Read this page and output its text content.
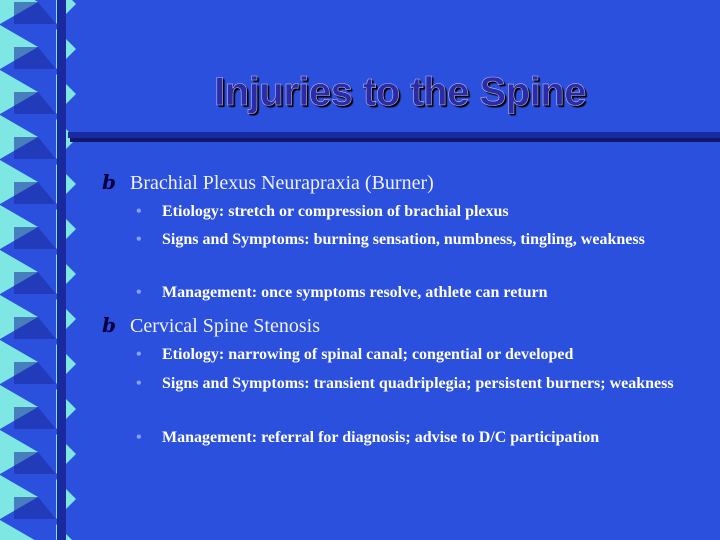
Injuries to the Spine
b Brachial Plexus Neurapraxia (Burner)
• Etiology: stretch or compression of brachial plexus
• Signs and Symptoms: burning sensation, numbness, tingling, weakness
• Management: once symptoms resolve, athlete can return
b Cervical Spine Stenosis
• Etiology: narrowing of spinal canal; congential or developed
• Signs and Symptoms: transient quadriplegia; persistent burners; weakness
• Management: referral for diagnosis; advise to D/C participation
